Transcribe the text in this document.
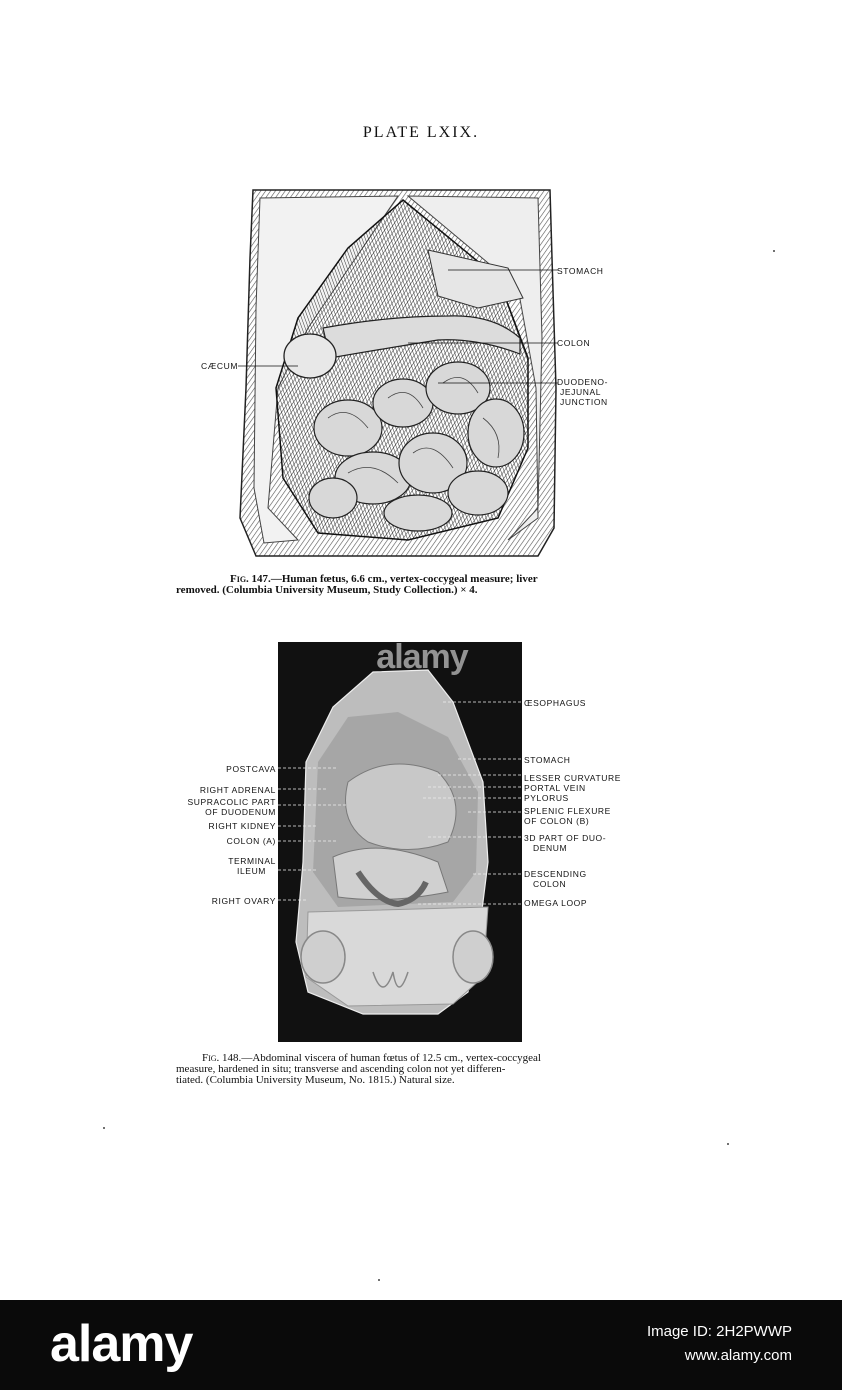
PLATE LXIX.
STOMACH
COLON
CÆCUM
DUODENO-
JEJUNAL
JUNCTION
Fig. 147.—Human fœtus, 6.6 cm., vertex-coccygeal measure; liver
removed. (Columbia University Museum, Study Collection.) × 4.
alamy
POSTCAVA
RIGHT ADRENAL
SUPRACOLIC PART
OF DUODENUM
RIGHT KIDNEY
COLON (A)
TERMINAL
ILEUM
RIGHT OVARY
ŒSOPHAGUS
STOMACH
LESSER CURVATURE
PORTAL VEIN
PYLORUS
SPLENIC FLEXURE
OF COLON (B)
3D PART OF DUO-
DENUM
DESCENDING
COLON
OMEGA LOOP
Fig. 148.—Abdominal viscera of human fœtus of 12.5 cm., vertex-coccygeal
measure, hardened in situ; transverse and ascending colon not yet differen-
tiated. (Columbia University Museum, No. 1815.) Natural size.
alamy	Image ID: 2H2PWWP
www.alamy.com
